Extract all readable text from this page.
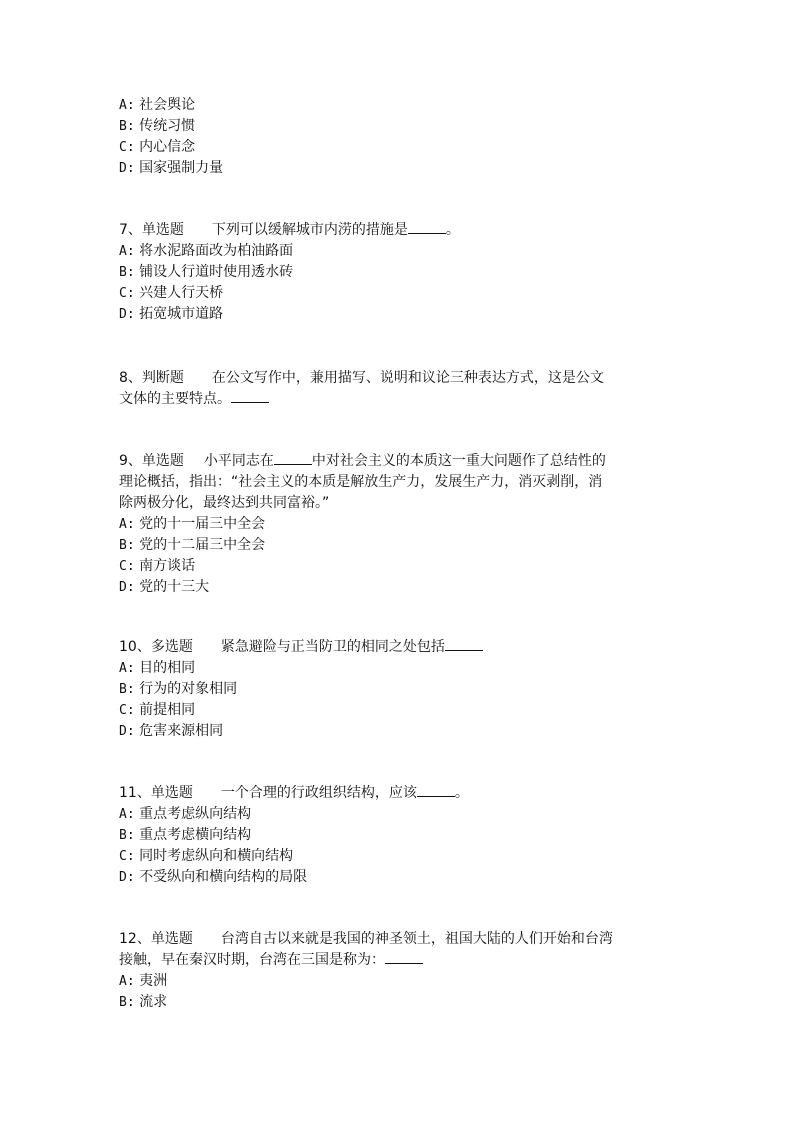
A: 社会舆论
B: 传统习惯
C: 内心信念
D: 国家强制力量
7、单选题 下列可以缓解城市内涝的措施是	。
A: 将水泥路面改为柏油路面
B: 铺设人行道时使用透水砖
C: 兴建人行天桥
D: 拓宽城市道路
8、判断题 在公文写作中，兼用描写、说明和议论三种表达方式，这是公文
文体的主要特点。
9、单选题 小平同志在	中对社会主义的本质这一重大问题作了总结性的
理论概括，指出：“社会主义的本质是解放生产力，发展生产力，消灭剥削，消
除两极分化，最终达到共同富裕。”
A: 党的十一届三中全会
B: 党的十二届三中全会
C: 南方谈话
D: 党的十三大
10、多选题 紧急避险与正当防卫的相同之处包括
A: 目的相同
B: 行为的对象相同
C: 前提相同
D: 危害来源相同
11、单选题 一个合理的行政组织结构，应该	。
A: 重点考虑纵向结构
B: 重点考虑横向结构
C: 同时考虑纵向和横向结构
D: 不受纵向和横向结构的局限
12、单选题 台湾自古以来就是我国的神圣领土，祖国大陆的人们开始和台湾
接触，早在秦汉时期，台湾在三国是称为：
A: 夷洲
B: 流求
